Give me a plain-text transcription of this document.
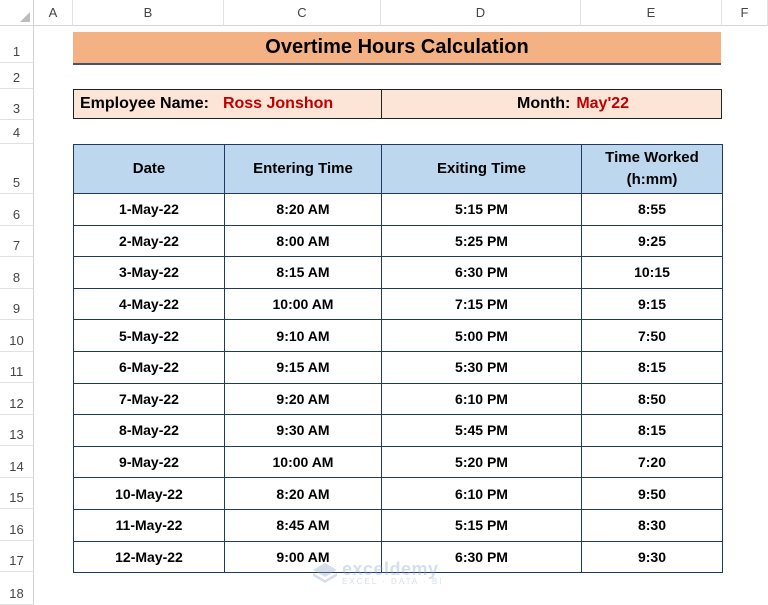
A	B	C	D	E	F
1
2
3
4
5
6
7
8
9
10
11
12
13
14
15
16
17
18
Overtime Hours Calculation
Employee Name: Ross Jonshon	Month: May'22
Date	Entering Time	Exiting Time	Time Worked (h:mm)
1-May-22	8:20 AM	5:15 PM	8:55
2-May-22	8:00 AM	5:25 PM	9:25
3-May-22	8:15 AM	6:30 PM	10:15
4-May-22	10:00 AM	7:15 PM	9:15
5-May-22	9:10 AM	5:00 PM	7:50
6-May-22	9:15 AM	5:30 PM	8:15
7-May-22	9:20 AM	6:10 PM	8:50
8-May-22	9:30 AM	5:45 PM	8:15
9-May-22	10:00 AM	5:20 PM	7:20
10-May-22	8:20 AM	6:10 PM	9:50
11-May-22	8:45 AM	5:15 PM	8:30
12-May-22	9:00 AM	6:30 PM	9:30
exceldemy
EXCEL · DATA · BI
